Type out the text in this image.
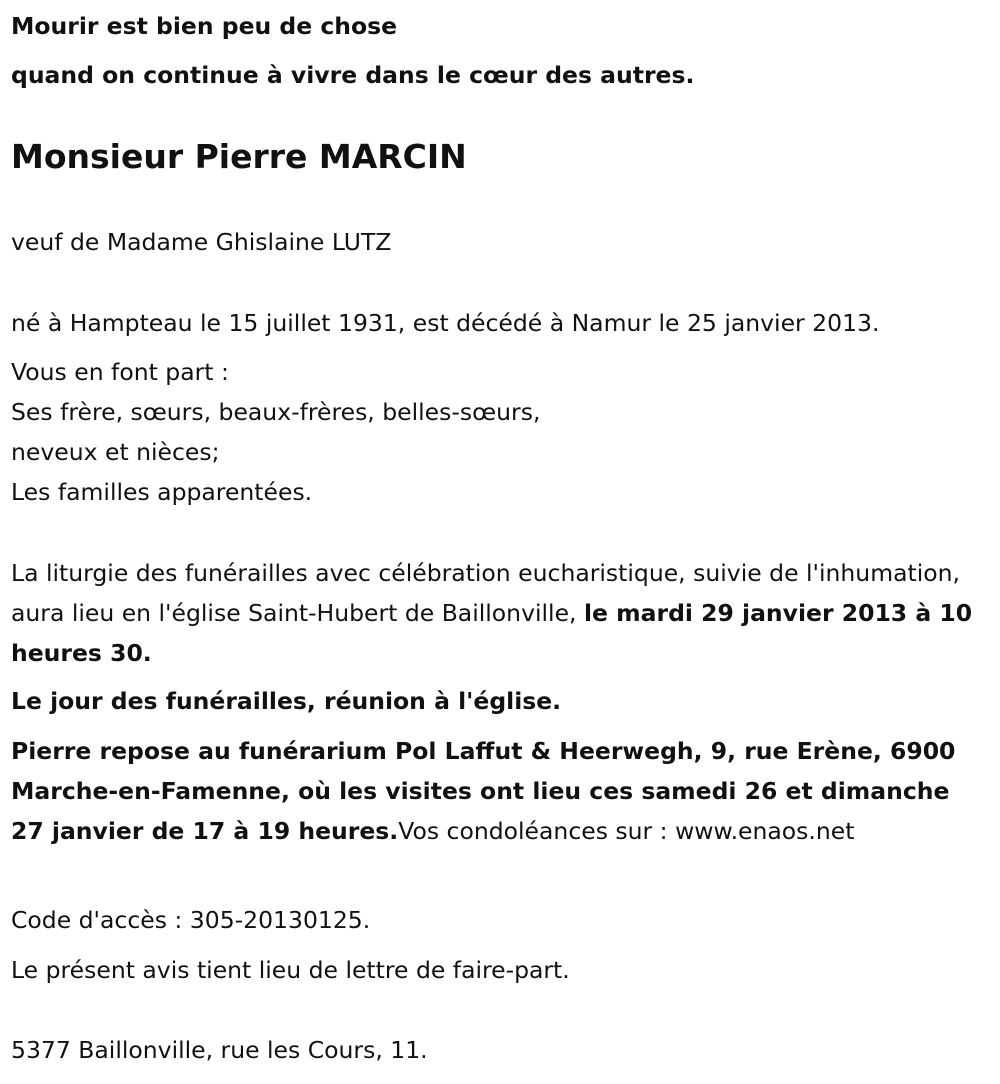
Mourir est bien peu de chose
quand on continue à vivre dans le cœur des autres.
Monsieur Pierre MARCIN
veuf de Madame Ghislaine LUTZ
né à Hampteau le 15 juillet 1931, est décédé à Namur le 25 janvier 2013.
Vous en font part :
Ses frère, sœurs, beaux-frères, belles-sœurs,
neveux et nièces;
Les familles apparentées.
La liturgie des funérailles avec célébration eucharistique, suivie de l'inhumation, aura lieu en l'église Saint-Hubert de Baillonville, le mardi 29 janvier 2013 à 10 heures 30.
Le jour des funérailles, réunion à l'église.
Pierre repose au funérarium Pol Laffut & Heerwegh, 9, rue Erène, 6900 Marche-en-Famenne, où les visites ont lieu ces samedi 26 et dimanche 27 janvier de 17 à 19 heures.Vos condoléances sur : www.enaos.net
Code d'accès : 305-20130125.
Le présent avis tient lieu de lettre de faire-part.
5377 Baillonville, rue les Cours, 11.
